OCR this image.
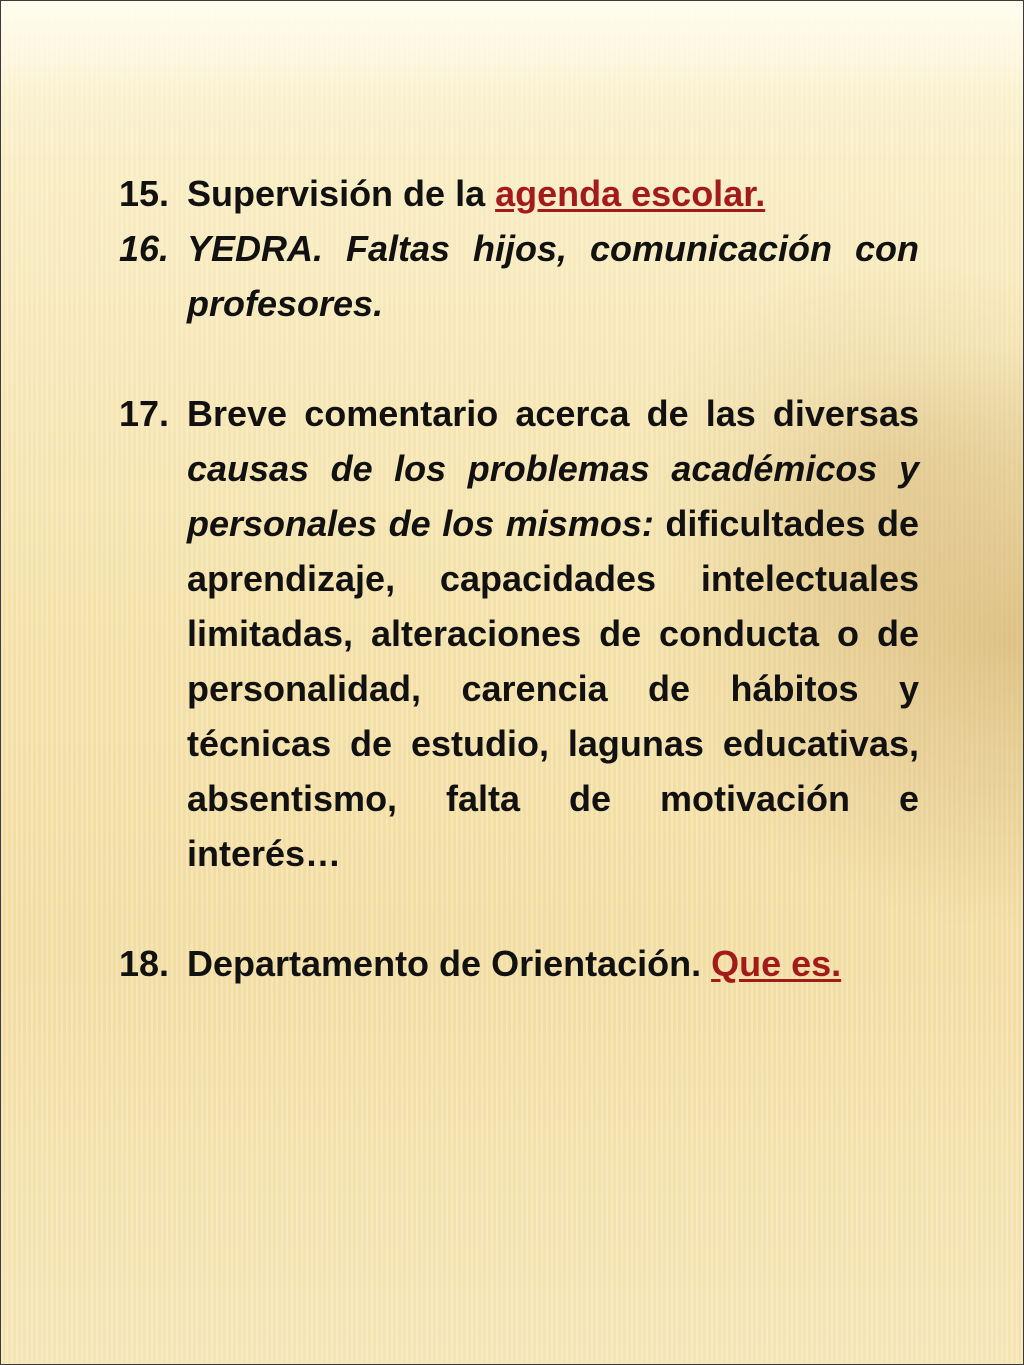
15. Supervisión de la agenda escolar.
16. YEDRA. Faltas hijos, comunicación con profesores.
17. Breve comentario acerca de las diversas causas de los problemas académicos y personales de los mismos: dificultades de aprendizaje, capacidades intelectuales limitadas, alteraciones de conducta o de personalidad, carencia de hábitos y técnicas de estudio, lagunas educativas, absentismo, falta de motivación e interés…
18. Departamento de Orientación. Que es.
